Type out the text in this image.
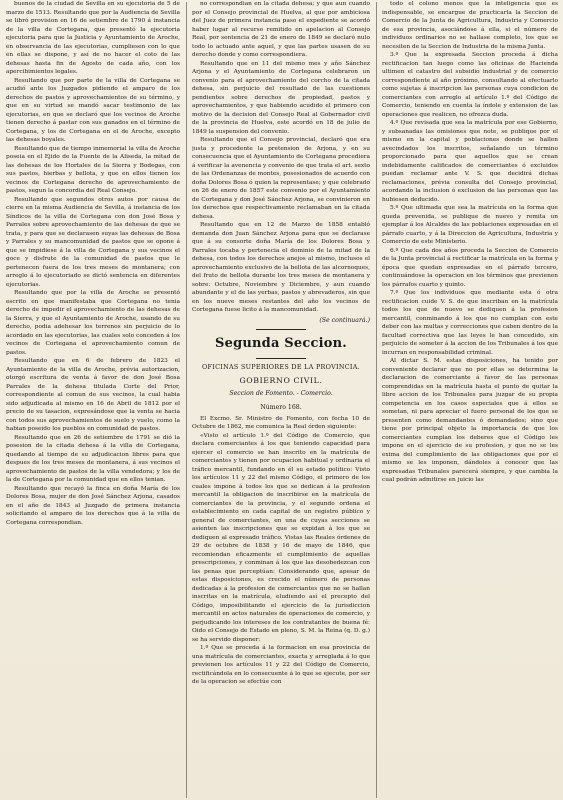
buenos de la ciudad de Sevilla en su ejecutoria de 5 de marzo de 1513. Resultando que por la Audiencia de Sevilla se libró provision en 16 de setiembre de 1790 á instancia de la villa de Cortegana, que presentó la ejecutoria ejecutoria para que la Justicia y Ayuntamiento de Aroche, en observancia de las ejecutorias, cumpliesen con lo que en ellas se dispone, y así de no hacer el coto de las dehesas hasta fin de Agosto de cada año, con los apercibimientos legales.

Resultando que por parte de la villa de Cortegana se acudió ante los Juzgados pidiendo el amparo de los derechos de pastos y aprovechamientos de su término, y que en su virtud se mandó sacar testimonio de las ejecutorias, en que se declaró que los vecinos de Aroche tienen derecho á pastar con sus ganados en el término de Cortegana, y los de Cortegana en el de Aroche, excepto las dehesas boyales.

Resultando que de tiempo inmemorial la villa de Aroche poseia en el Ejido de la Fuente de la Aliseda, la mitad de las dehesas de los Hortales de la Sierra y Bodegas, con sus pastos, hierbas y bellota, y que en ellos tienen los vecinos de Cortegana derecho de aprovechamiento de pastos, segun la concordia del Real Consejo.

Resultando que segundos otros autos por causa de cierre en la misma Audiencia de Sevilla, á instancia de los Síndicos de la villa de Cortegana con don José Bosa y Parrales sobre aprovechamiento de las dehesas de que se trata, y para que se declarasen suyas las dehesas de Bosa y Parrales y su mancomunidad de pastos que se opone á que se impidiese á la villa de Cortegana y sus vecinos el goce y disfrute de la comunidad de pastos que le pertenecen fuera de los tres meses de montanera; con arreglo á lo ejecutoriado se dictó sentencia en diferentes ejecutorias.

Resultando que por la villa de Aroche se presentó escrito en que manifestaba que Cortegana no tenia derecho de impedir el aprovechamiento de las dehesas de la Sierra, y que el Ayuntamiento de Aroche, usando de su derecho, podia adehesar los terrenos sin perjuicio de lo acordado en las ejecutorias, las cuales solo conceden á los vecinos de Cortegana el aprovechamiento comun de pastos.

Resultando que en 6 de febrero de 1823 el Ayuntamiento de la villa de Aroche, prévia autorizacion, otorgó escritura de venta á favor de don José Bosa Parrales de la dehesa titulada Corte del Prior, correspondiente al comun de sus vecinos, la cual habia sido adjudicada al mismo en 16 de Abril de 1812 por el precio de su tasacion, expresándose que la venta se hacia con todos sus aprovechamientos de suelo y vuelo, como la habian poseido los pueblos en comunidad de pastos.

Resultando que en 26 de setiembre de 1791 se dió la posesion de la citada dehesa á la villa de Cortegana, quedando al tiempo de su adjudicacion libres para que despues de los tres meses de montanera, á sus vecinos el aprovechamiento de pastos de la villa vendedora; y los de la de Cortegana por la comunidad que en ellos tenian.

Resultando que recayó la finca en doña María de los Dolores Bosa, mujer de don José Sánchez Arjona, casados en el año de 1843 al Juzgado de primera instancia solicitando el amparo de los derechos que á la villa de Cortegana correspondian.

no correspondian en la citada dehesa; y que aun cuando por el Consejo provincial de Huelva, al que por ambiciosa del Juez de primera instancia paso el expediente se acordó haber lugar al recurso remitido en apelacion al Consejo Real, por sentencia de 21 de enero de 1849 se declaró nulo todo lo actuado ante aquel, y que las partes usasen de su derecho donde y como correspondiera.

Resultando que en 11 del mismo mes y año Sánchez Arjona y el Ayuntamiento de Cortegana celebraron un convenio para el aprovechamiento del corcho de la citada dehesa, sin perjuicio del resultado de las cuestiones pendientes sobre derechos de propiedad, pastos y aprovechamientos, y que habiendo acudido el primero con motivo de la decision del Consejo Real al Gobernador civil de la provincia de Huelva, este acordó en 18 de julio de 1849 la suspension del convenio.

Resultando que el Consejo provincial, declaró que era justa y procedente la pretension de Arjona, y en su consecuencia que el Ayuntamiento de Cortegana procediera á verificar la avenencia y convenio de que trata el art. sexto de las Ordenanzas de montes, posesionados de acuerdo con doña Dolores Bosa ó quien la representase; y que celebrado en 26 de enero de 1857 este convenio por el Ayuntamiento de Cortegana y don José Sánchez Arjona, se convinieron en los derechos que respectivamente reclamaban en la citada dehesa.

Resultando que en 12 de Marzo de 1858 entabló demanda don Juan Sánchez Arjona para que se declarase que á su consorte doña María de los Dolores Bosa y Parrales tocaba y pertenecia el dominio de la mitad de la dehesa, con todos los derechos anejos al mismo, inclusos el aprovechamiento exclusivo de la bellota de las alcornoques, del fruto de bellota durante los tres meses de montanera y sobre: Octubre, Noviembre y Diciembre, y aun cuando abundante y el de las yerbas, pastos y abrevaderos, sin que en los nueve meses restantes del año los vecinos de Cortegana fuese licito á la mancomunidad.

(Se continuará.)
Segunda Seccion.
OFICINAS SUPERIORES DE LA PROVINCIA.
GOBIERNO CIVIL.
Seccion de Fomento. - Comercio.
Número 168.

El Excmo. Sr. Ministro de Fomento, con fecha 10 de Octubre de 1862, me comunica la Real órden siguiente:

«Visto el artículo 1.º del Código de Comercio, que declara comerciantes á los que teniendo capacidad para ejercer el comercio se han inscrito en la matrícula de comerciantes y tienen por ocupacion habitual y ordinaria el tráfico mercantil, fundando en él su estado político: Visto los artículos 11 y 22 del mismo Código, el primero de los cuales impone á todos los que se dedican á la profesion mercantil la obligacion de inscribirse en la matrícula de comerciantes de la provincia, y el segundo ordena el establecimiento en cada capital de un registro público y general de comerciantes, en una de cuyas secciones se asienten las inscripciones que se expidan á los que se dediquen al expresado tráfico. Vistas las Reales órdenes de 29 de octubre de 1838 y 16 de mayo de 1846, que recomiendan eficazmente el cumplimiento de aquellas prescripciones, y conminan á los que las desobedezcan con las penas que perceptúan: Considerando que, apesar de estas disposiciones, es crecido el número de personas dedicadas á la profesion de comerciantes que no se hallan inscritas en la matrícula, eludiendo así el precepto del Código, imposibilitando el ejercicio de la jurisdiccion mercantil en actos naturales de operaciones de comercio, y perjudicando los intereses de los contratantes de buena fé: Oido el Consejo de Estado en pleno, S. M. la Reina (q. D. g.) se ha servido disponer:

1.º Que se proceda á la formacion en esa provincia de una matrícula de comerciantes, exacta y arreglada á lo que previenen los artículos 11 y 22 del Código de Comercio, rectificándola en lo consecuente á lo que se ejecute, por ser de la operacion se efectúe con

todo el colono menos que la inteligencia que es indispensable, se encargue de practicarla la Seccion de Comercio de la Junta de Agricultura, Industria y Comercio de esa provincia, asociándose á ella, si el número de individuos ordinarios no se hallase completo, los que se necesiten de la Seccion de Industria de la misma Junta.

3.º Que la expresada Seccion proceda á dicha rectificacion tan luego como las oficinas de Hacienda ultimen el catastro del subsidio industrial y de comercio correspondiente al año próximo, consultando al efectuarlo como sujetas á inscripcion las personas cuya condicion de comerciantes con arreglo al artículo 1.º del Código de Comercio, teniendo en cuenta la índole y extension de las operaciones que realicen, no ofrezca duda.

4.º Que revisada que sea la matrícula por ese Gobierno, y subsanadas las omisiones que note, se publique por el mismo en la capital y poblaciones donde se hallen avecindados los inscritos, señalando un término proporcionado para que aquellos que se crean indebidamente calificados de comerciantes ó excluidos puedan reclamar ante V. S. que decidirá dichas reclamaciones, prévia consulta del Consejo provincial, acordando la inclusion ó exclusion de las personas que las hubiesen deducido.

5.º Que ultimada que sea la matrícula en la forma que queda prevenida, se publique de nuevo y remita un ejemplar á los Alcaldes de las poblaciones expresadas en el párrafo cuarto, y á la Direccion de Agricultura, Industria y Comercio de este Ministerio.

6.º Que cada dos años proceda la Seccion de Comercio de la Junta provincial á rectificar la matrícula en la forma y época que quedan expresadas en el párrafo tercero, continuándose la operacion en los términos que previenen los párrafos cuarto y quinto.

7.º Que los individuos que mediante esta ó otra rectificacion cuide V. S. de que inscriban en la matrícula todos los que de nuevo se dediquen á la profesion mercantil, conminando á los que no cumplan con este deber con las multas y correcciones que caben dentro de la facultad correctiva que las leyes le han concedido, sin perjuicio de someter á la accion de los Tribunales á los que incurran en responsabilidad criminal.

Al dictar S. M. estas disposiciones, ha tenido por conveniente declarar que no por ellas se determina la declaracion de comerciante á favor de las personas comprendidas en la matrícula hasta el punto de quitar la libre accion de los Tribunales para juzgar de su propia competencia en los casos especiales que á ellos se sometan, ni para apreciar el fuero personal de los que se presenten como demandantes ó demandados; sino que tiene por principal objeto la importancia de que los comerciantes cumplan los deberes que el Código les impone en el ejercicio de su profesion, y que no se les exima del cumplimiento de las obligaciones que por el mismo se les imponen, dándoles á conocer que las expresadas Tribunales parecerá siempre, y que cambia la cual podrán admitirse en juicio las
